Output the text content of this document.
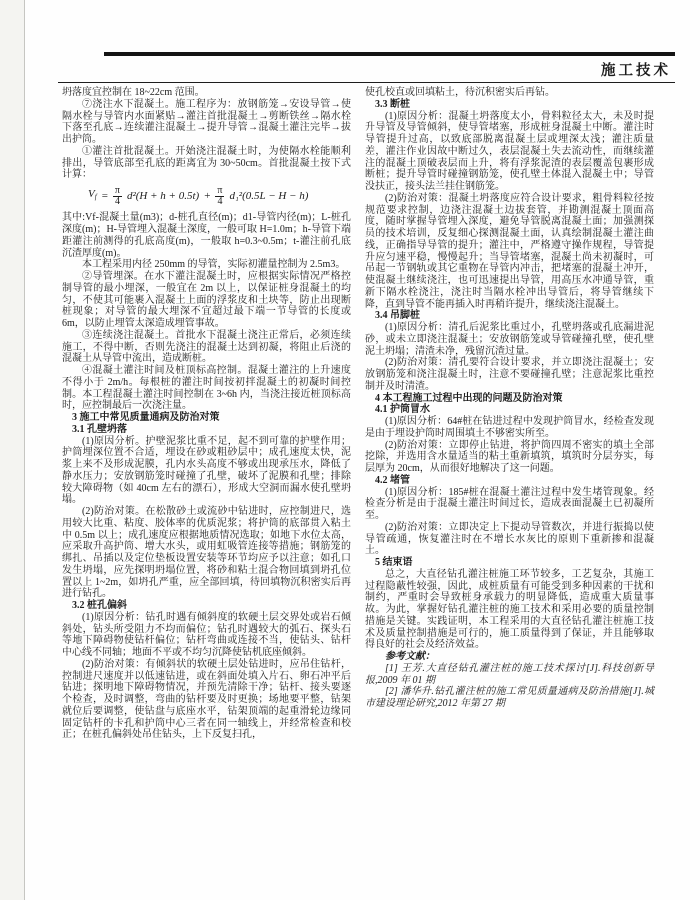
施工技术

坍落度宜控制在 18~22cm 范围。

⑦浇注水下混凝土。施工程序为：放钢筋笼→安设导管→使隔水栓与导管内水面紧贴→灌注首批混凝土→剪断铁丝→隔水栓下落至孔底→连续灌注混凝土→提升导管→混凝土灌注完毕→拔出护筒。

①灌注首批混凝土。开始浇注混凝土时，为使隔水栓能顺利排出，导管底部至孔底的距离宜为 30~50cm。首批混凝土按下式计算：

$V_f = \frac{\pi}{4} d^2(H + h + 0.5t) + \frac{\pi}{4} d_1^2(0.5L - H - h)$

其中:Vf-混凝土量(m3)；d-桩孔直径(m)；d1-导管内径(m)；L-桩孔深度(m)；H-导管埋入混凝土深度，一般可取 H=1.0m；h-导管下端距灌注前测得的孔底高度(m)，一般取 h=0.3~0.5m；t-灌注前孔底沉渣厚度(m)。

本工程采用内径 250mm 的导管，实际初灌量控制为 2.5m3。

②导管埋深。在水下灌注混凝土时，应根据实际情况严格控制导管的最小埋深，一般宜在 2m 以上，以保证桩身混凝土的均匀，不使其可能裹入混凝土上面的浮浆皮和土块等，防止出现断桩现象；对导管的最大埋深不宜超过最下端一节导管的长度或 6m，以防止埋管太深造成埋管事故。

③连续浇注混凝土。首批水下混凝土浇注正常后，必须连续施工，不得中断，否则先浇注的混凝土达到初凝，将阻止后浇的混凝土从导管中流出，造成断桩。

④混凝土灌注时间及桩顶标高控制。混凝土灌注的上升速度不得小于 2m/h。每根桩的灌注时间按初拌混凝土的初凝时间控制。本工程混凝土灌注时间控制在 3~6h 内，当浇注接近桩顶标高时，应控制最后一次浇注量。

3 施工中常见质量通病及防治对策

3.1 孔壁坍落

(1)原因分析。护壁泥浆比重不足，起不到可靠的护壁作用；护筒埋深位置不合适，埋设在砂或粗砂层中；成孔速度太快，泥浆上来不及形成泥膜，孔内水头高度不够或出现承压水，降低了静水压力；安放钢筋笼时碰撞了孔壁，破坏了泥膜和孔壁；排除较大障碍物（如 40cm 左右的漂石），形成大空洞而漏水使孔壁坍塌。

(2)防治对策。在松散砂土或流砂中钻进时，应控制进尺，选用较大比重、粘度、胶体率的优质泥浆；将护筒的底部贯入粘土中 0.5m 以上；成孔速度应根据地质情况选取；如地下水位太高，应采取升高护筒、增大水头，或用虹吸管连接等措施；钢筋笼的绑扎、吊插以及定位垫板设置安装等环节均应予以注意；如孔口发生坍塌，应先探明坍塌位置，将砂和粘土混合物回填到坍孔位置以上 1~2m，如坍孔严重，应全部回填，待回填物沉积密实后再进行钻孔。

3.2 桩孔偏斜

(1)原因分析：钻孔时遇有倾斜度的软硬土层交界处或岩石倾斜处，钻头所受阻力不均而偏位；钻孔时遇较大的弧石、探头石等地下障碍物使钻杆偏位；钻杆弯曲或连接不当，使钻头、钻杆中心线不同轴；地面不平或不均匀沉降使钻机底座倾斜。

(2)防治对策：有倾斜状的软硬土层处钻进时，应吊住钻杆，控制进尺速度并以低速钻进，或在斜面处填入片石、卵石冲平后钻进；探明地下障碍物情况，并预先清除干净；钻杆、接头要逐个检查，及时调整，弯曲的钻杆要及时更换；场地要平整，钻架就位后要调整，使钻盘与底座水平，钻架顶端的起重滑轮边缘同固定钻杆的卡孔和护筒中心三者在同一轴线上，并经常检查和校正；在桩孔偏斜处吊住钻头，上下反复扫孔，

使孔校直或回填粘土，待沉积密实后再钻。

3.3 断桩

(1)原因分析：混凝土坍落度太小，骨料粒径太大，未及时提升导管及导管倾斜，使导管堵塞，形成桩身混凝土中断。灌注时导管提升过高，以致底部脱离混凝土层或埋深太浅；灌注质量差，灌注作业因故中断过久，表层混凝土失去流动性，而继续灌注的混凝土顶破表层而上升，将有浮浆泥渣的表层覆盖包裹形成断桩；提升导管时碰撞钢筋笼，使孔壁土体混入混凝土中；导管没扶正，接头法兰挂住钢筋笼。

(2)防治对策：混凝土坍落度应符合设计要求，粗骨料粒径按规范要求控制，边浇注混凝土边拔套管，并勘测混凝土顶面高度，随时掌握导管埋入深度，避免导管脱离混凝土面；加强测探员的技术培训，反复细心探测混凝土面，认真绘制混凝土灌注曲线，正确指导导管的提升；灌注中，严格遵守操作规程，导管提升应匀速平稳，慢慢起升；当导管堵塞，混凝土尚未初凝时，可吊起一节钢轨或其它重物在导管内冲击，把堵塞的混凝土冲开，使混凝土继续浇注，也可迅速提出导管，用高压水冲通导管，重新下隔水栓浇注，浇注时当隔水栓冲出导管后，将导管继续下降，直到导管不能再插入时再稍许提升，继续浇注混凝土。

3.4 吊脚桩

(1)原因分析：清孔后泥浆比重过小，孔壁坍落或孔底漏进泥砂，或未立即浇注混凝土；安放钢筋笼或导管碰撞孔壁，使孔壁泥土坍塌；清渣未净，残留沉渣过量。

(2)防治对策：清孔要符合设计要求，并立即浇注混凝土；安放钢筋笼和浇注混凝土时，注意不要碰撞孔壁；注意泥浆比重控制并及时清渣。

4 本工程施工过程中出现的问题及防治对策

4.1 护筒冒水

(1)原因分析：64#桩在钻进过程中发现护筒冒水，经检查发现是由于埋设护筒时周围填土不够密实所至。

(2)防治对策：立即停止钻进，将护筒四周不密实的填土全部挖除，并选用含水量适当的粘土重新填筑，填筑时分层夯实，每层厚为 20cm，从而很好地解决了这一问题。

4.2 堵管

(1)原因分析：185#桩在混凝土灌注过程中发生堵管现象。经检查分析是由于混凝土灌注时间过长，造成表面混凝土已初凝所至。

(2)防治对策：立即决定上下提动导管数次，并进行振捣以使导管疏通，恢复灌注时在不增长水灰比的原则下重新掺和混凝土。

5 结束语

总之，大直径钻孔灌注桩施工环节较多，工艺复杂，其施工过程隐蔽性较强，因此，成桩质量有可能受到多种因素的干扰和制约，严重时会导致桩身承载力的明显降低，造成重大质量事故。为此，掌握好钻孔灌注桩的施工技术和采用必要的质量控制措施是关键。实践证明，本工程采用的大直径钻孔灌注桩施工技术及质量控制措施是可行的，施工质量得到了保证，并且能够取得良好的社会及经济效益。

参考文献：

[1] 王芳.大直径钻孔灌注桩的施工技术探讨[J].科技创新导报,2009 年 01 期

[2] 潘华升.钻孔灌注桩的施工常见质量通病及防治措施[J].城市建设理论研究,2012 年第 27 期
